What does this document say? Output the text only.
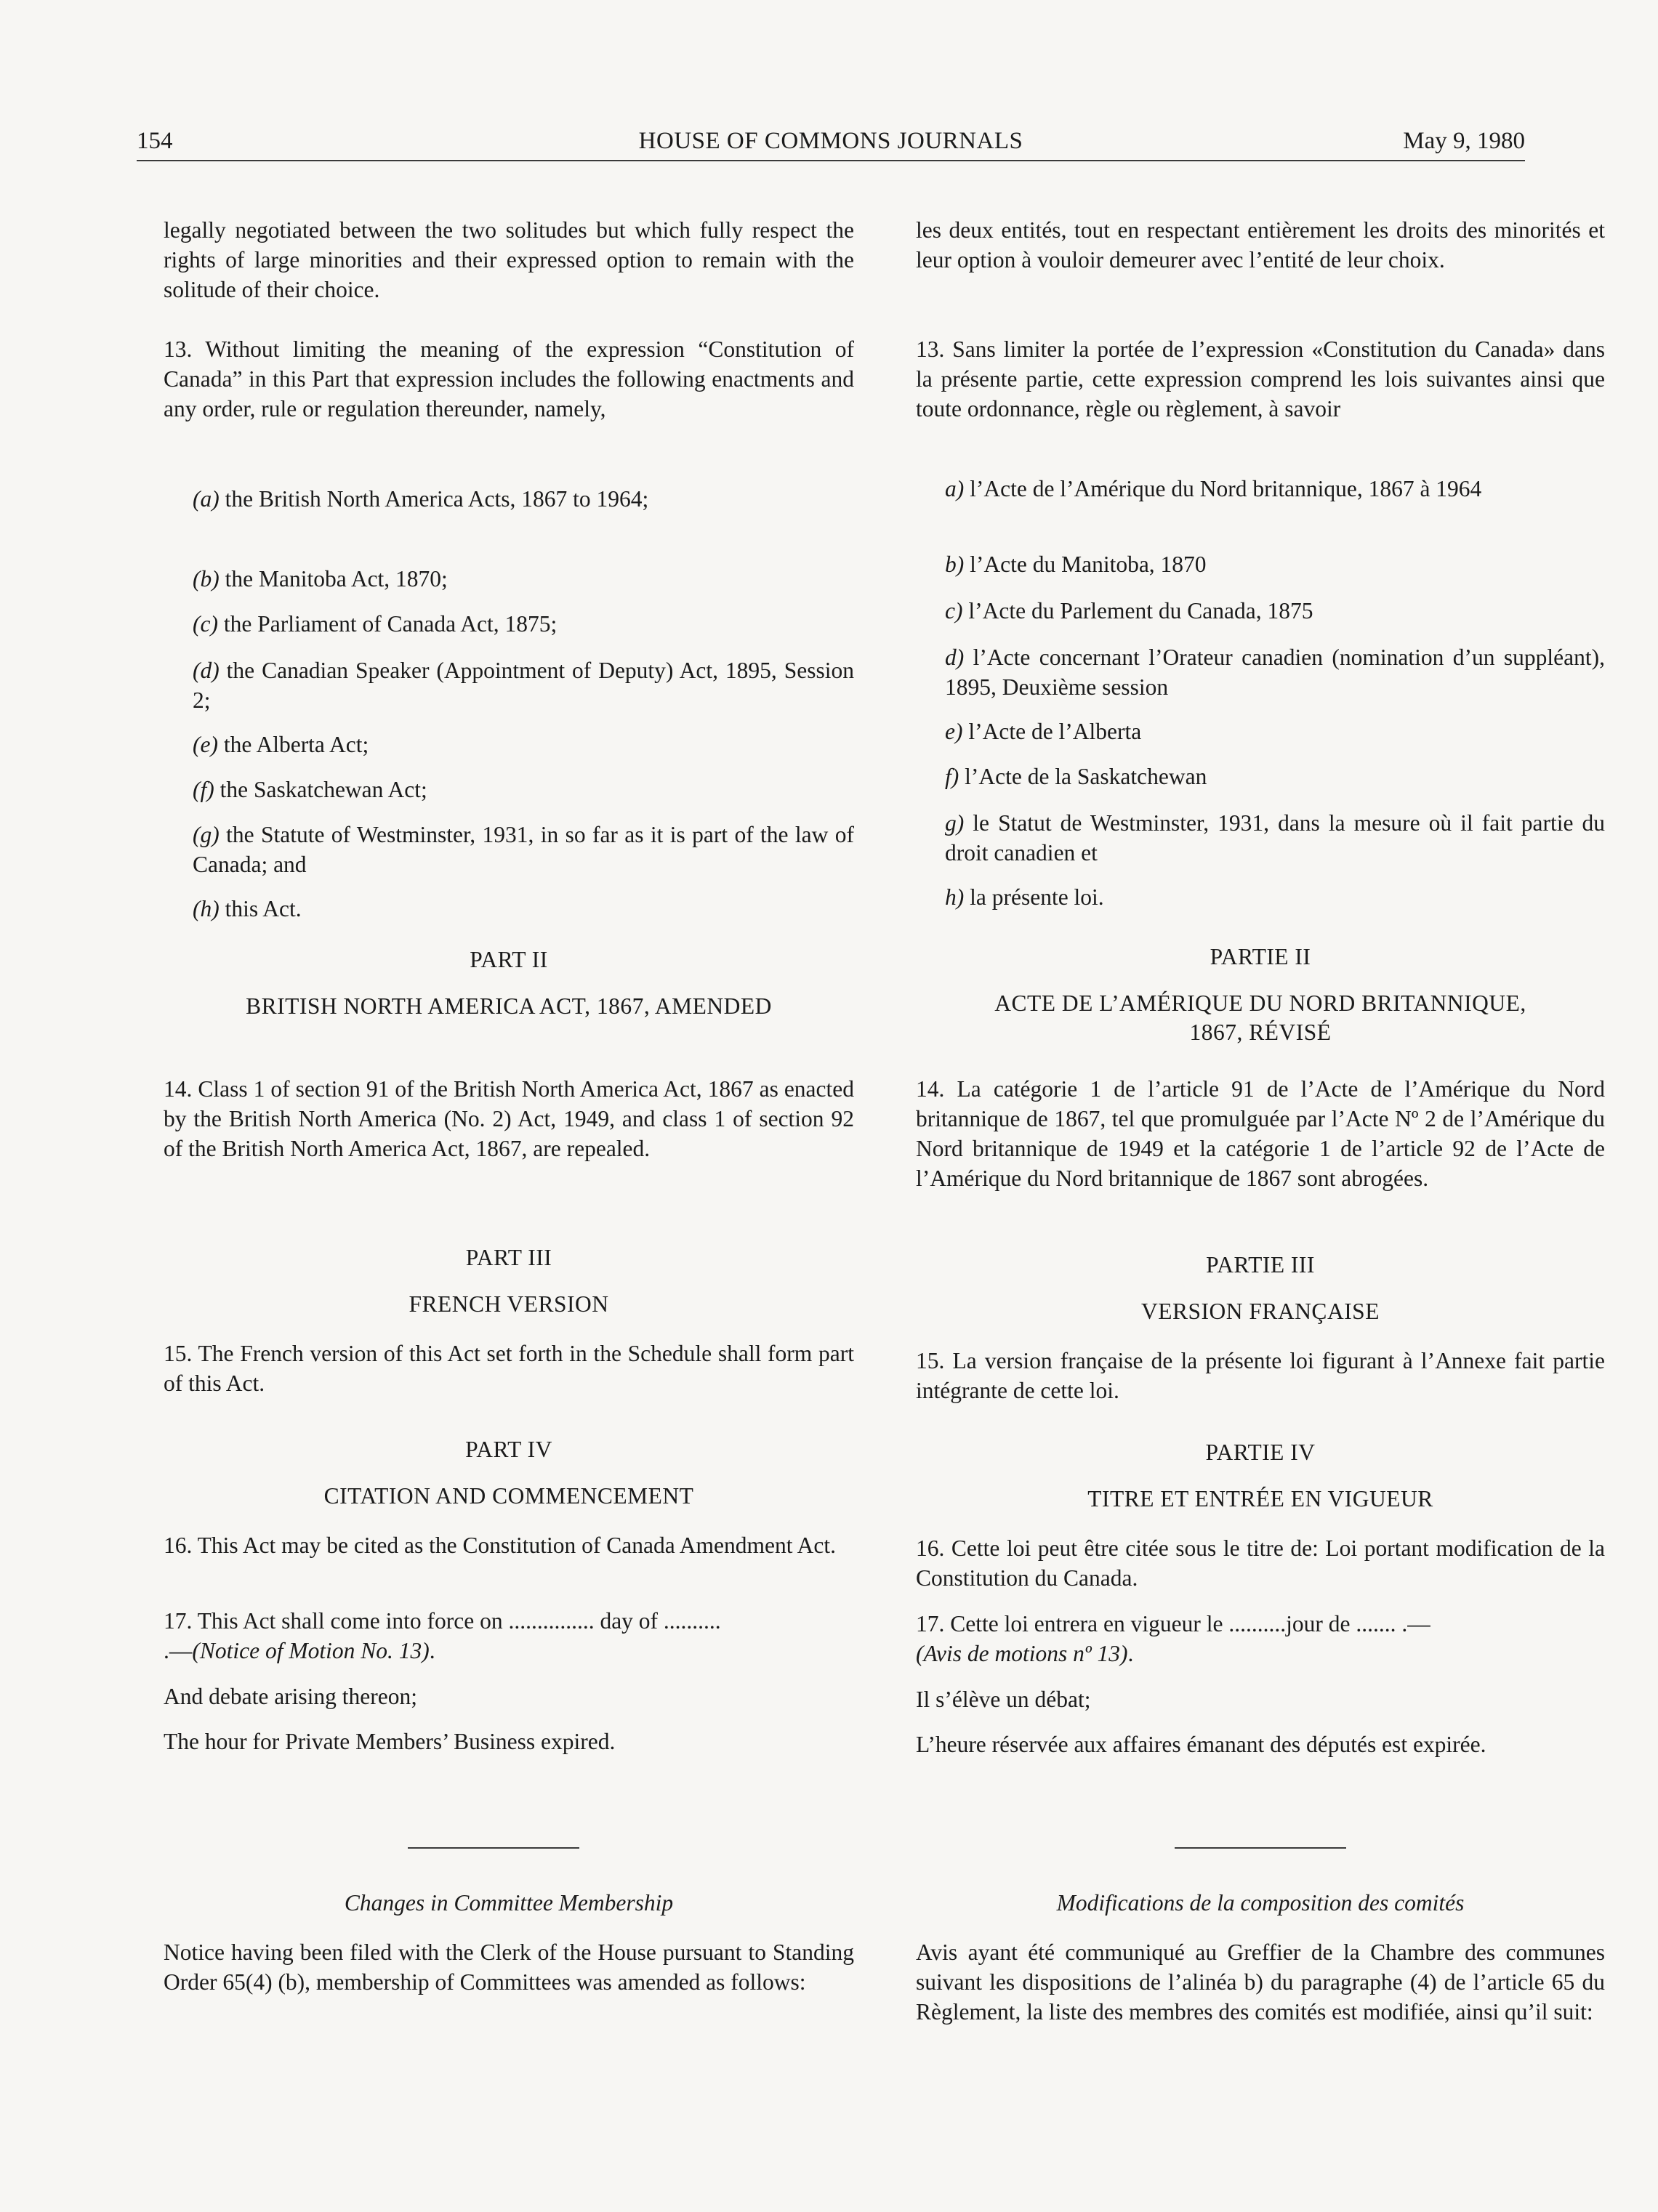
154	HOUSE OF COMMONS JOURNALS	May 9, 1980

legally negotiated between the two solitudes but which fully respect the rights of large minorities and their expressed option to remain with the solitude of their choice.

13. Without limiting the meaning of the expression “Constitution of Canada” in this Part that expression includes the following enactments and any order, rule or regulation thereunder, namely,

(a) the British North America Acts, 1867 to 1964;

(b) the Manitoba Act, 1870;

(c) the Parliament of Canada Act, 1875;

(d) the Canadian Speaker (Appointment of Deputy) Act, 1895, Session 2;

(e) the Alberta Act;

(f) the Saskatchewan Act;

(g) the Statute of Westminster, 1931, in so far as it is part of the law of Canada; and

(h) this Act.

PART II

BRITISH NORTH AMERICA ACT, 1867, AMENDED

14. Class 1 of section 91 of the British North America Act, 1867 as enacted by the British North America (No. 2) Act, 1949, and class 1 of section 92 of the British North America Act, 1867, are repealed.

PART III

FRENCH VERSION

15. The French version of this Act set forth in the Schedule shall form part of this Act.

PART IV

CITATION AND COMMENCEMENT

16. This Act may be cited as the Constitution of Canada Amendment Act.

17. This Act shall come into force on ............... day of ..........
.—(Notice of Motion No. 13).

And debate arising thereon;

The hour for Private Members’ Business expired.

Changes in Committee Membership

Notice having been filed with the Clerk of the House pursuant to Standing Order 65(4) (b), membership of Committees was amended as follows:

les deux entités, tout en respectant entièrement les droits des minorités et leur option à vouloir demeurer avec l’entité de leur choix.

13. Sans limiter la portée de l’expression «Constitution du Canada» dans la présente partie, cette expression comprend les lois suivantes ainsi que toute ordonnance, règle ou règlement, à savoir

a) l’Acte de l’Amérique du Nord britannique, 1867 à 1964

b) l’Acte du Manitoba, 1870

c) l’Acte du Parlement du Canada, 1875

d) l’Acte concernant l’Orateur canadien (nomination d’un suppléant), 1895, Deuxième session

e) l’Acte de l’Alberta

f) l’Acte de la Saskatchewan

g) le Statut de Westminster, 1931, dans la mesure où il fait partie du droit canadien et

h) la présente loi.

PARTIE II

ACTE DE L’AMÉRIQUE DU NORD BRITANNIQUE,

1867, RÉVISÉ

14. La catégorie 1 de l’article 91 de l’Acte de l’Amérique du Nord britannique de 1867, tel que promulguée par l’Acte Nº 2 de l’Amérique du Nord britannique de 1949 et la catégorie 1 de l’article 92 de l’Acte de l’Amérique du Nord britannique de 1867 sont abrogées.

PARTIE III

VERSION FRANÇAISE

15. La version française de la présente loi figurant à l’Annexe fait partie intégrante de cette loi.

PARTIE IV

TITRE ET ENTRÉE EN VIGUEUR

16. Cette loi peut être citée sous le titre de: Loi portant modification de la Constitution du Canada.

17. Cette loi entrera en vigueur le ..........jour de ....... .—
(Avis de motions nº 13).

Il s’élève un débat;

L’heure réservée aux affaires émanant des députés est expirée.

Modifications de la composition des comités

Avis ayant été communiqué au Greffier de la Chambre des communes suivant les dispositions de l’alinéa b) du paragraphe (4) de l’article 65 du Règlement, la liste des membres des comités est modifiée, ainsi qu’il suit:
